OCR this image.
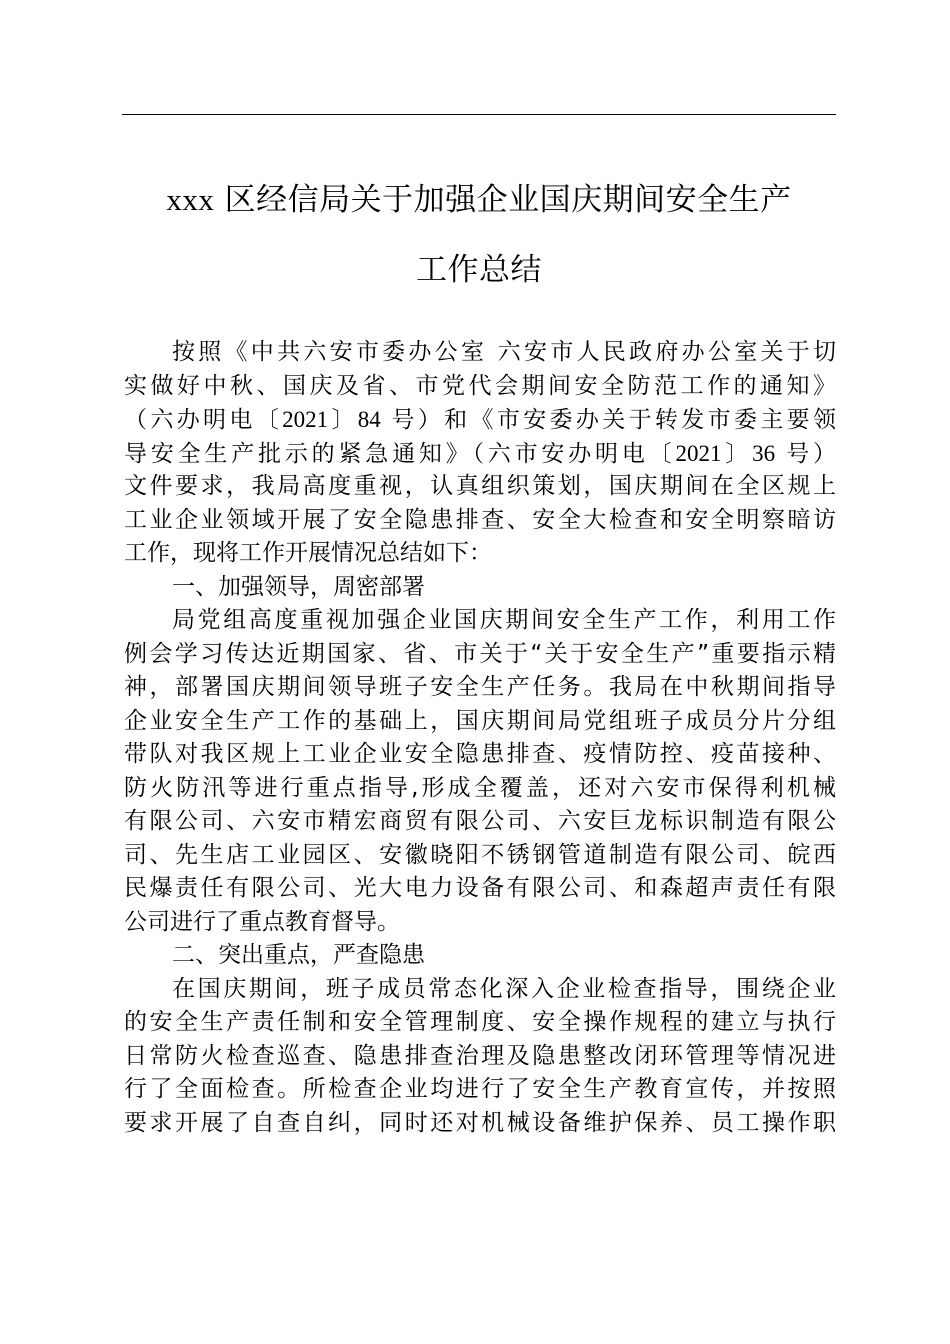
xxx 区经信局关于加强企业国庆期间安全生产
工作总结
按照《中共六安市委办公室 六安市人民政府办公室关于切
实做好中秋、国庆及省、市党代会期间安全防范工作的通知》
（六办明电〔2021〕84 号）和《市安委办关于转发市委主要领
导安全生产批示的紧急通知》（六市安办明电〔2021〕36 号）
文件要求，我局高度重视，认真组织策划，国庆期间在全区规上
工业企业领域开展了安全隐患排查、安全大检查和安全明察暗访
工作，现将工作开展情况总结如下：
一、加强领导，周密部署
局党组高度重视加强企业国庆期间安全生产工作，利用工作
例会学习传达近期国家、省、市关于“关于安全生产”重要指示精
神，部署国庆期间领导班子安全生产任务。我局在中秋期间指导
企业安全生产工作的基础上，国庆期间局党组班子成员分片分组
带队对我区规上工业企业安全隐患排查、疫情防控、疫苗接种、
防火防汛等进行重点指导,形成全覆盖，还对六安市保得利机械
有限公司、六安市精宏商贸有限公司、六安巨龙标识制造有限公
司、先生店工业园区、安徽晓阳不锈钢管道制造有限公司、皖西
民爆责任有限公司、光大电力设备有限公司、和森超声责任有限
公司进行了重点教育督导。
二、突出重点，严查隐患
在国庆期间，班子成员常态化深入企业检查指导，围绕企业
的安全生产责任制和安全管理制度、安全操作规程的建立与执行
日常防火检查巡查、隐患排查治理及隐患整改闭环管理等情况进
行了全面检查。所检查企业均进行了安全生产教育宣传，并按照
要求开展了自查自纠，同时还对机械设备维护保养、员工操作职
